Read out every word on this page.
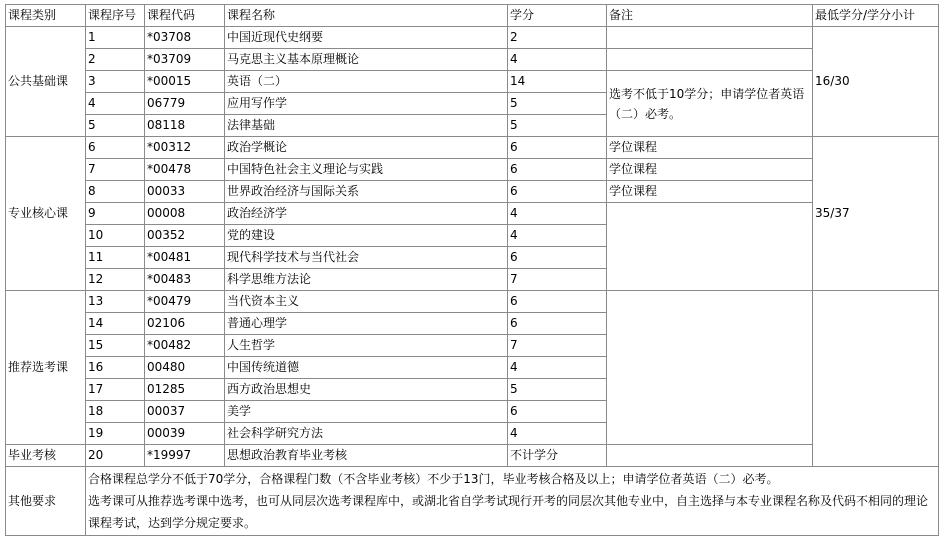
课程类别	课程序号	课程代码	课程名称	学分	备注	最低学分/学分小计
公共基础课	1	*03708	中国近现代史纲要	2		16/30
	2	*03709	马克思主义基本原理概论	4		
	3	*00015	英语（二）	14	选考不低于10学分；申请学位者英语（二）必考。	
	4	06779	应用写作学	5		
	5	08118	法律基础	5		
专业核心课	6	*00312	政治学概论	6	学位课程	35/37
	7	*00478	中国特色社会主义理论与实践	6	学位课程	
	8	00033	世界政治经济与国际关系	6	学位课程	
	9	00008	政治经济学	4		
	10	00352	党的建设	4		
	11	*00481	现代科学技术与当代社会	6		
	12	*00483	科学思维方法论	7		
推荐选考课	13	*00479	当代资本主义	6		
	14	02106	普通心理学	6		
	15	*00482	人生哲学	7		
	16	00480	中国传统道德	4		
	17	01285	西方政治思想史	5		
	18	00037	美学	6		
	19	00039	社会科学研究方法	4		
毕业考核	20	*19997	思想政治教育毕业考核	不计学分		
其他要求	合格课程总学分不低于70学分，合格课程门数（不含毕业考核）不少于13门，毕业考核合格及以上；申请学位者英语（二）必考。
选考课可从推荐选考课中选考，也可从同层次选考课程库中，或湖北省自学考试现行开考的同层次其他专业中，自主选择与本专业课程名称及代码不相同的理论课程考试，达到学分规定要求。					
